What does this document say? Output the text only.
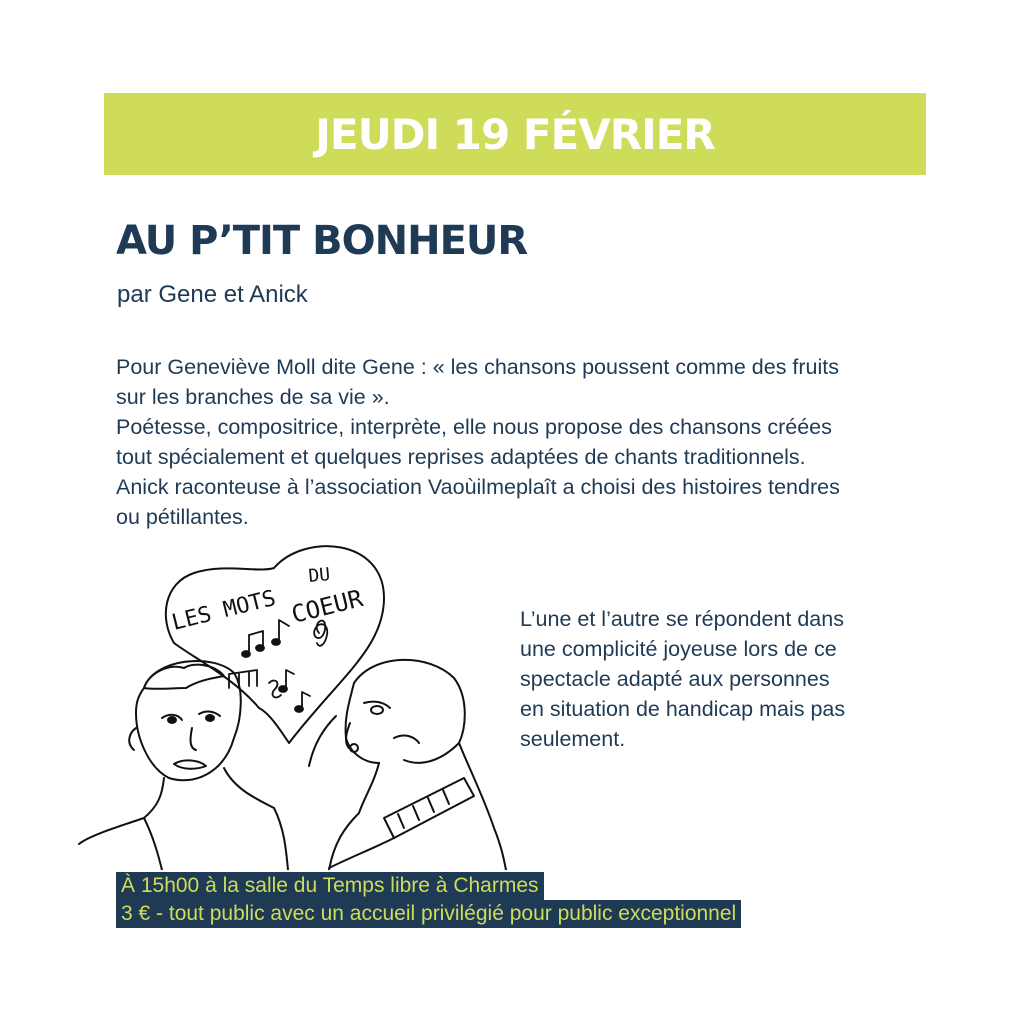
JEUDI 19 FÉVRIER
AU P’TIT BONHEUR
par Gene et Anick
Pour Geneviève Moll dite Gene : « les chansons poussent comme des fruits
sur les branches de sa vie ».
Poétesse, compositrice, interprète, elle nous propose des chansons créées
tout spécialement et quelques reprises adaptées de chants traditionnels.
Anick raconteuse à l’association Vaoùilmeplaît a choisi des histoires tendres
ou pétillantes.
LES MOTS
DU
COEUR	L’une et l’autre se répondent dans
une complicité joyeuse lors de ce
spectacle adapté aux personnes
en situation de handicap mais pas
seulement.
À 15h00 à la salle du Temps libre à Charmes
3 € - tout public avec un accueil privilégié pour public exceptionnel
